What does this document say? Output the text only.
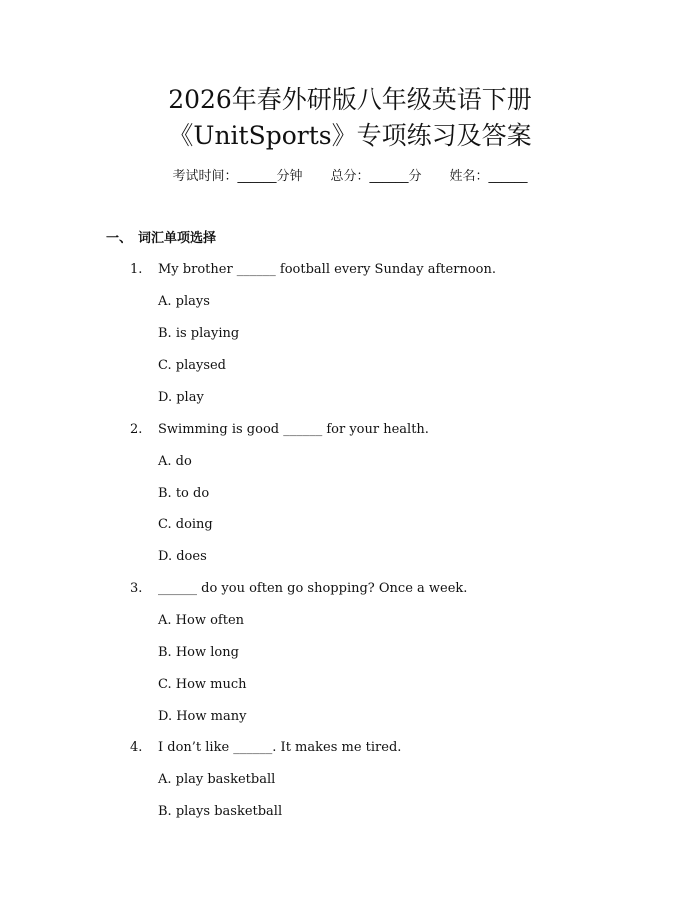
2026年春外研版八年级英语下册
《UnitSports》专项练习及答案
考试时间：______分钟 总分：______分 姓名：______
一、 词汇单项选择
1. My brother ______ football every Sunday afternoon.
A. plays
B. is playing
C. playsed
D. play
2. Swimming is good ______ for your health.
A. do
B. to do
C. doing
D. does
3. ______ do you often go shopping? Once a week.
A. How often
B. How long
C. How much
D. How many
4. I don’t like ______. It makes me tired.
A. play basketball
B. plays basketball
